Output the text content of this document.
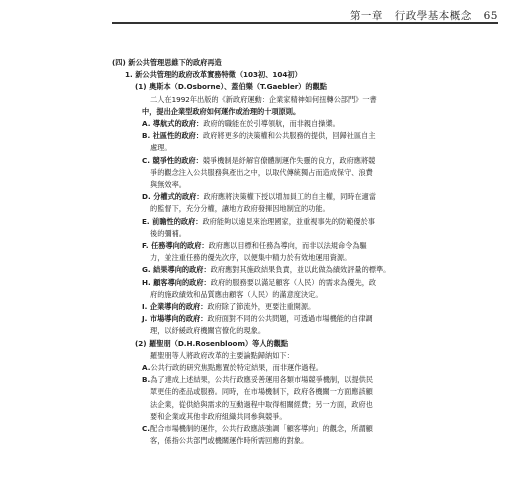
第一章 行政學基本概念 65
(四) 新公共管理思維下的政府再造
1. 新公共管理的政府改革實務特徵（103初、104初）
(1) 奧斯本（D.Osborne）、蓋伯樂（T.Gaebler）的觀點
二人在1992年出版的《新政府運動：企業家精神如何扭轉公部門》一書
中，提出企業型政府如何運作或治理的十項原則。
A. 導航式的政府：政府的職能在於引導領航，而非親自操槳。
B. 社區性的政府：政府將更多的決策權和公共服務的提供，回歸社區自主
處理。
C. 競爭性的政府：競爭機制是紓解官僚體制運作失靈的良方，政府應將競
爭的觀念注入公共服務與產出之中，以取代傳統獨占而造成保守、浪費
與無效率。
D. 分權式的政府：政府應將決策權下授以增加員工的自主權，同時在適當
的監督下，充分分權，讓地方政府發揮因地制宜的功能。
E. 前瞻性的政府：政府能夠以遠見來治理國家，並重視事先的防範優於事
後的彌補。
F. 任務導向的政府：政府應以目標和任務為導向，而非以法規命令為驅
力，並注重任務的優先次序，以便集中精力於有效地運用資源。
G. 結果導向的政府：政府應對其施政結果負責，並以此做為績效評量的標準。
H. 顧客導向的政府：政府的服務要以滿足顧客（人民）的需求為優先，政
府的施政績效和品質應由顧客（人民）的滿意度決定。
I. 企業導向的政府：政府除了節流外，更要注重開源。
J. 市場導向的政府：政府面對不同的公共問題，可透過市場機能的自律調
理，以紓緩政府機關官僚化的現象。
(2) 羅聖朋（D.H.Rosenbloom）等人的觀點
羅聖朋等人將政府改革的主要論點歸納如下：
A.公共行政的研究焦點應置於特定結果，而非運作過程。
B.為了達成上述結果，公共行政應妥善運用各類市場競爭機制，以提供民
眾更佳的產品或服務。同時，在市場機制下，政府各機關一方面應該顧
法企業，從供給與需求的互動過程中取得相關經費；另一方面，政府也
要和企業或其他非政府組織共同參與競爭。
C.配合市場機制的運作，公共行政應該強調「顧客導向」的觀念，所謂顧
客，係指公共部門或機關運作時所需回應的對象。
